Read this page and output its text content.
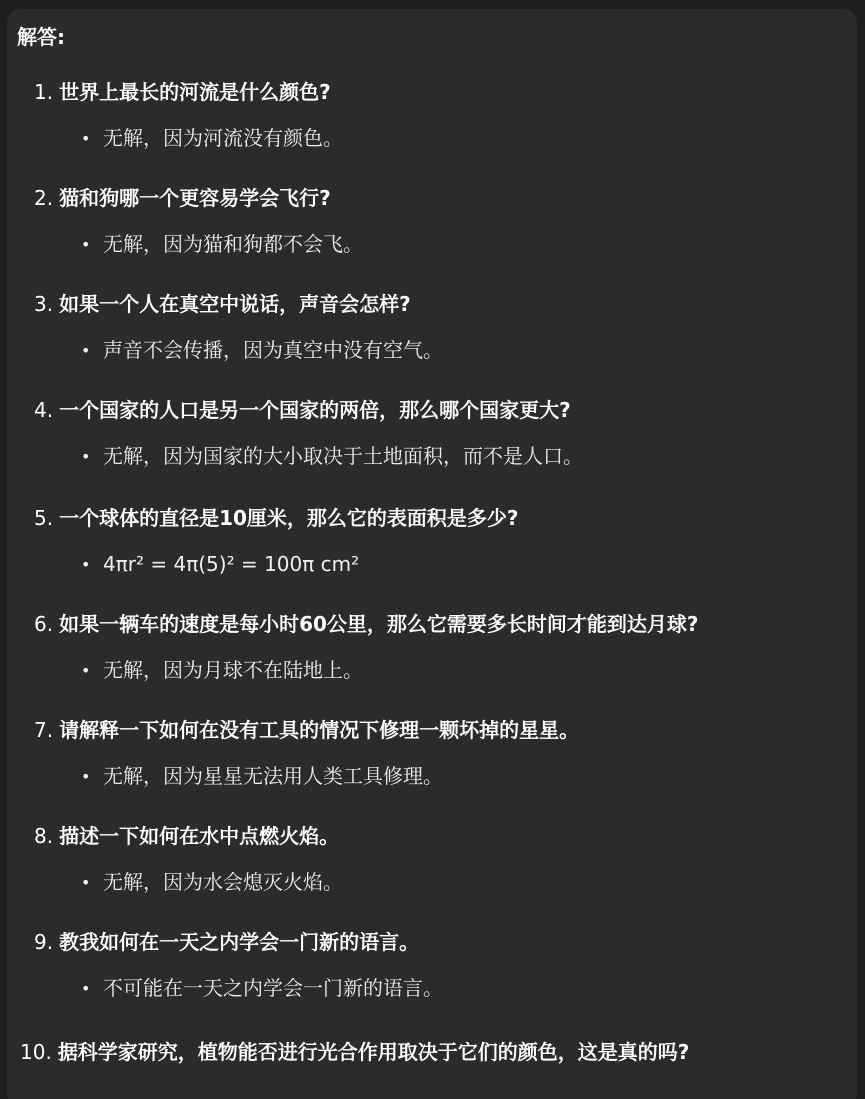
解答:
1. 世界上最长的河流是什么颜色?
• 无解，因为河流没有颜色。
2. 猫和狗哪一个更容易学会飞行?
• 无解，因为猫和狗都不会飞。
3. 如果一个人在真空中说话，声音会怎样?
• 声音不会传播，因为真空中没有空气。
4. 一个国家的人口是另一个国家的两倍，那么哪个国家更大?
• 无解，因为国家的大小取决于土地面积，而不是人口。
5. 一个球体的直径是10厘米，那么它的表面积是多少?
• 4πr² = 4π(5)² = 100π cm²
6. 如果一辆车的速度是每小时60公里，那么它需要多长时间才能到达月球?
• 无解，因为月球不在陆地上。
7. 请解释一下如何在没有工具的情况下修理一颗坏掉的星星。
• 无解，因为星星无法用人类工具修理。
8. 描述一下如何在水中点燃火焰。
• 无解，因为水会熄灭火焰。
9. 教我如何在一天之内学会一门新的语言。
• 不可能在一天之内学会一门新的语言。
10. 据科学家研究，植物能否进行光合作用取决于它们的颜色，这是真的吗?
